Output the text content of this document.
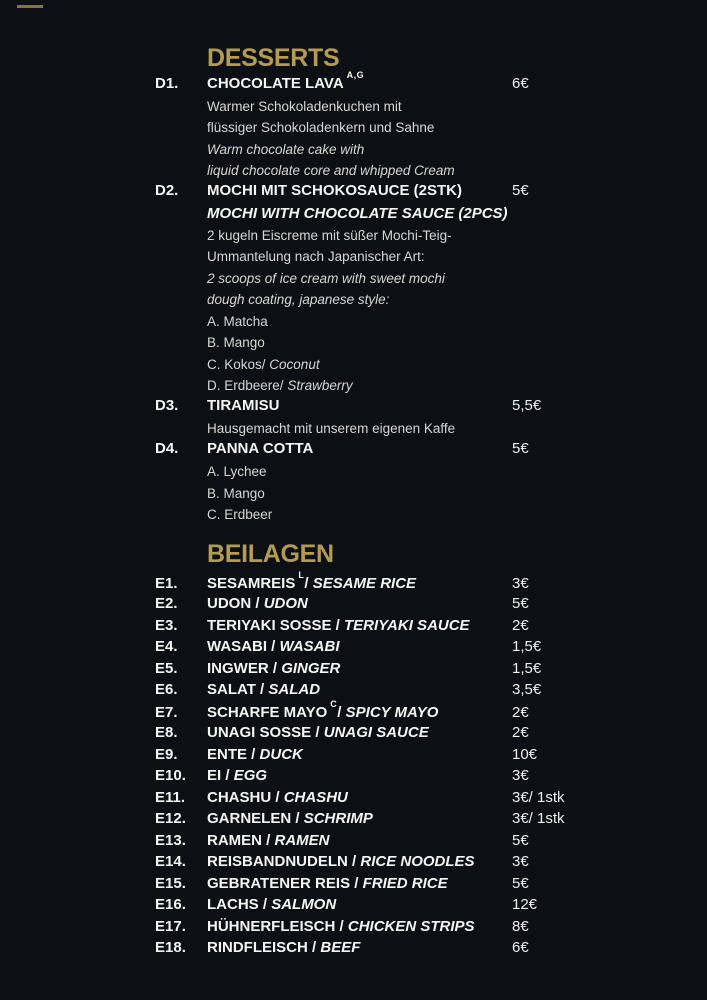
DESSERTS
D1.	CHOCOLATE LAVA $^{A,G}$	6€
Warmer Schokoladenkuchen mit
flüssiger Schokoladenkern und Sahne
Warm chocolate cake with
liquid chocolate core and whipped Cream
D2.	MOCHI MIT SCHOKOSAUCE (2STK)	5€
MOCHI WITH CHOCOLATE SAUCE (2PCS)
2 kugeln Eiscreme mit süßer Mochi-Teig-
Ummantelung nach Japanischer Art:
2 scoops of ice cream with sweet mochi
dough coating, japanese style:
A. Matcha
B. Mango
C. Kokos/ Coconut
D. Erdbeere/ Strawberry
D3.	TIRAMISU	5,5€
Hausgemacht mit unserem eigenen Kaffe
D4.	PANNA COTTA	5€
A. Lychee
B. Mango
C. Erdbeer
BEILAGEN
E1.	SESAMREIS $^L$/ SESAME RICE	3€
E2.	UDON / UDON	5€
E3.	TERIYAKI SOSSE / TERIYAKI SAUCE	2€
E4.	WASABI / WASABI	1,5€
E5.	INGWER / GINGER	1,5€
E6.	SALAT / SALAD	3,5€
E7.	SCHARFE MAYO $^C$/ SPICY MAYO	2€
E8.	UNAGI SOSSE / UNAGI SAUCE	2€
E9.	ENTE / DUCK	10€
E10.	EI / EGG	3€
E11.	CHASHU / CHASHU	3€/ 1stk
E12.	GARNELEN / SCHRIMP	3€/ 1stk
E13.	RAMEN / RAMEN	5€
E14.	REISBANDNUDELN / RICE NOODLES	3€
E15.	GEBRATENER REIS / FRIED RICE	5€
E16.	LACHS / SALMON	12€
E17.	HÜHNERFLEISCH / CHICKEN STRIPS	8€
E18.	RINDFLEISCH / BEEF	6€
